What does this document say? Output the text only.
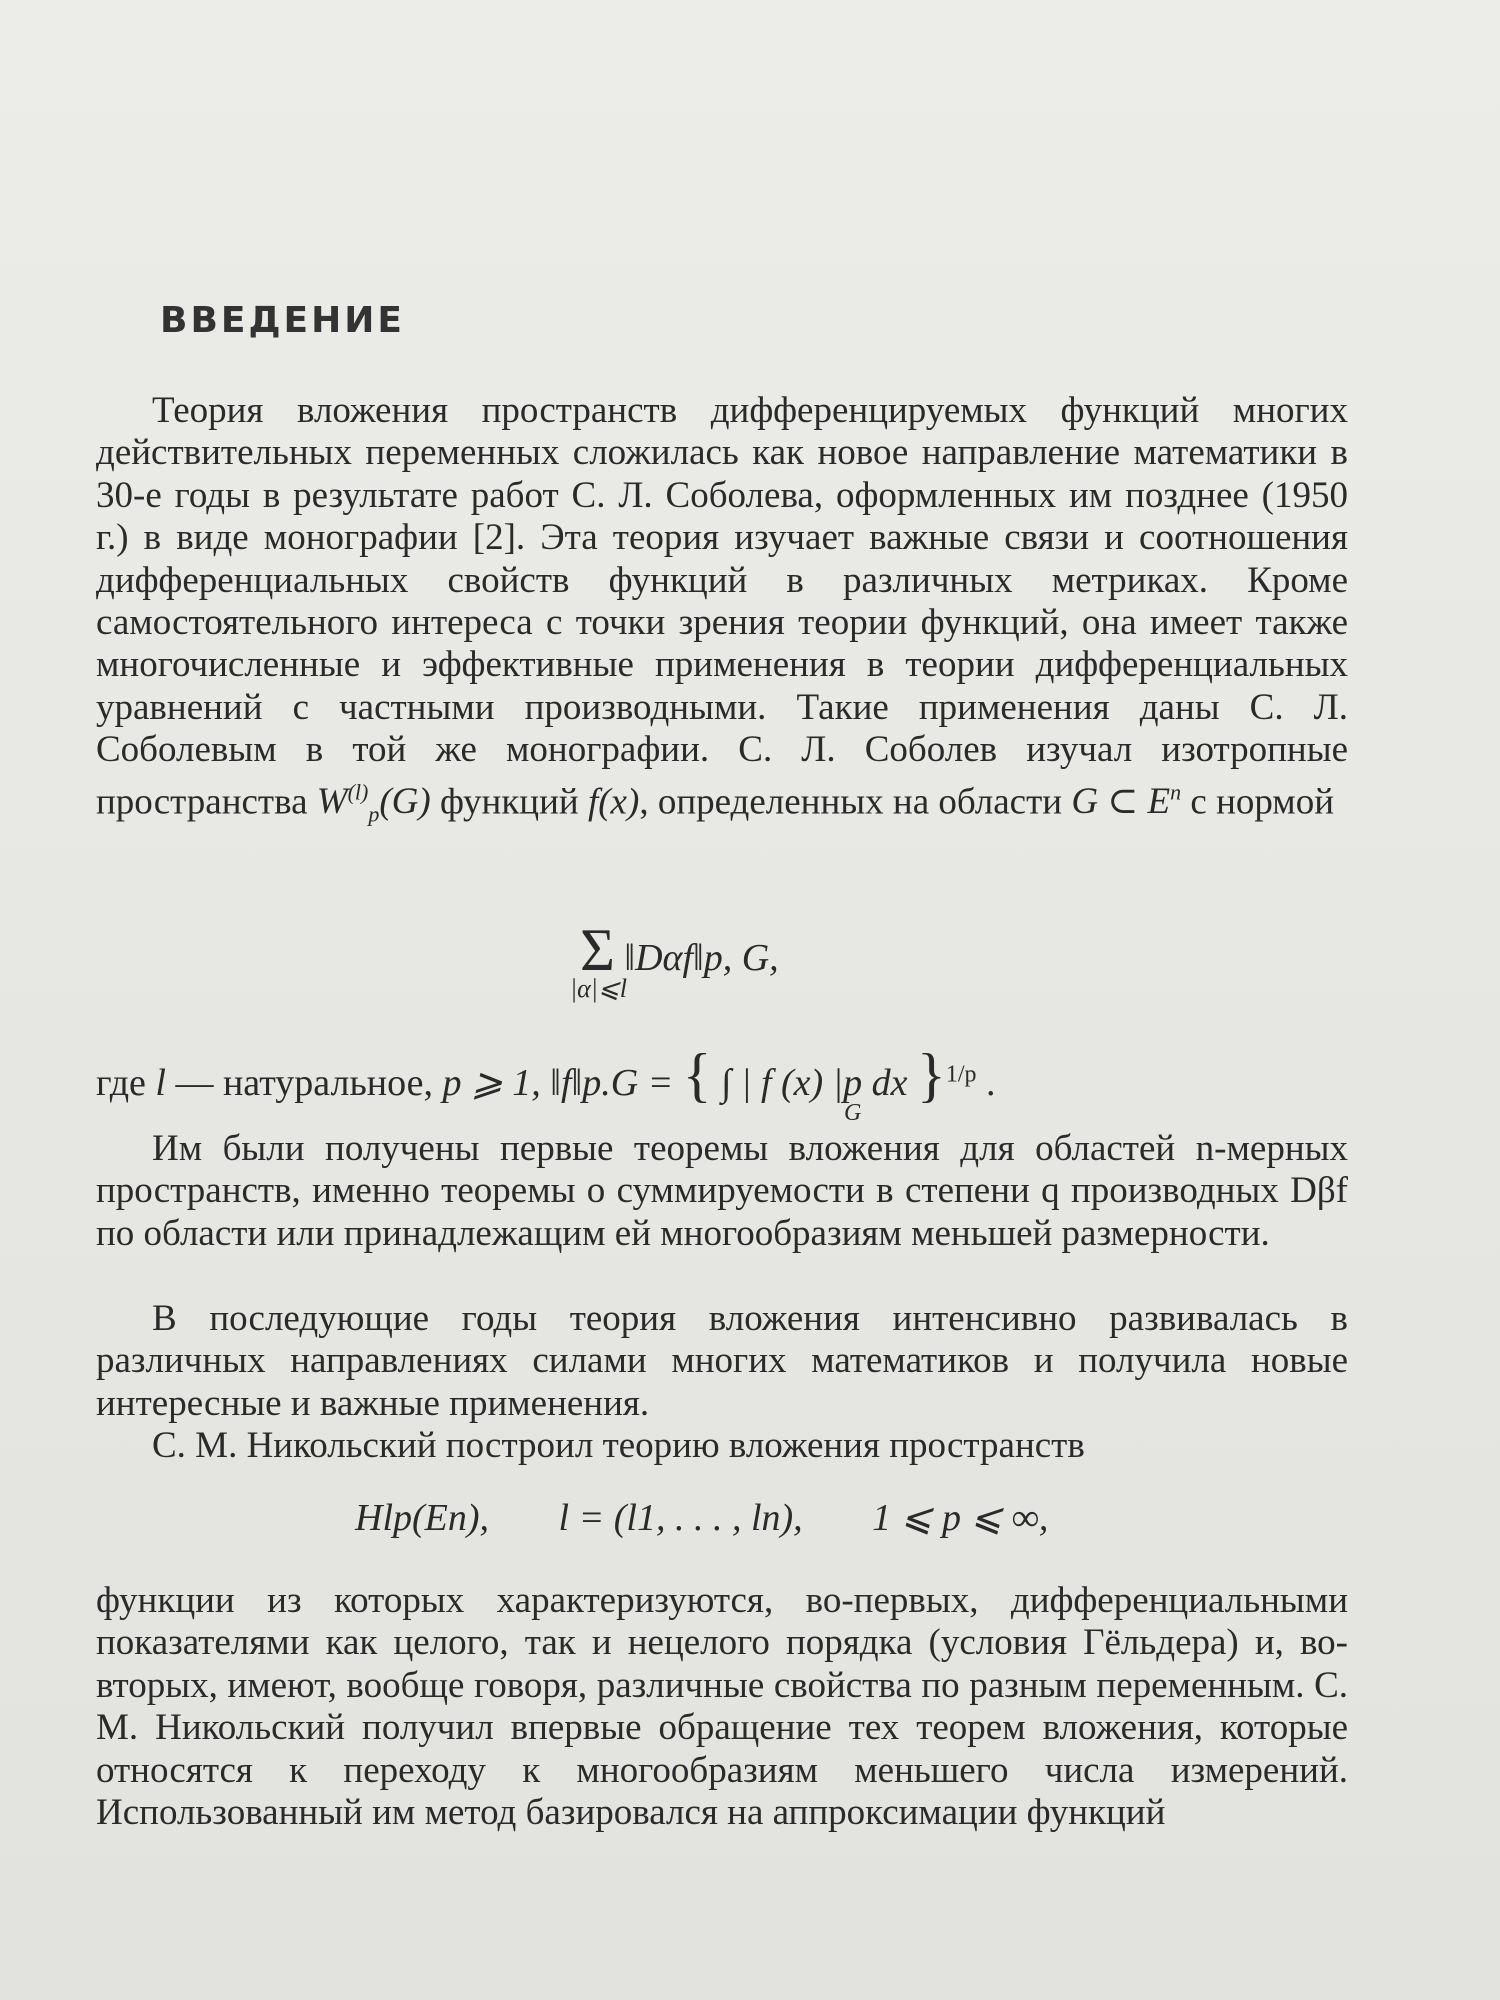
ВВЕДЕНИЕ

Теория вложения пространств дифференцируемых функций многих действительных переменных сложилась как новое направление математики в 30-е годы в результате работ С. Л. Соболева, оформленных им позднее (1950 г.) в виде монографии [2]. Эта теория изучает важные связи и соотношения дифференциальных свойств функций в различных метриках. Кроме самостоятельного интереса с точки зрения теории функций, она имеет также многочисленные и эффективные применения в теории дифференциальных уравнений с частными производными. Такие применения даны С. Л. Соболевым в той же монографии. С. Л. Соболев изучал изотропные пространства $W^{(l)}_p(G)$ функций f(x), определенных на области G ⊂ $E^n$ с нормой

Σ ‖Dαf‖p, G,
|α|⩽l
где l — натуральное, p ⩾ 1, ‖f‖p.G = { ∫ | f (x) |p dx }$^{1/p}$ .
G

Им были получены первые теоремы вложения для областей n-мерных пространств, именно теоремы о суммируемости в степени q производных Dβf по области или принадлежащим ей многообразиям меньшей размерности.

В последующие годы теория вложения интенсивно развивалась в различных направлениях силами многих математиков и получила новые интересные и важные применения.

С. М. Никольский построил теорию вложения пространств

Hlp(En), l = (l1, . . . , ln), 1 ⩽ p ⩽ ∞,

функции из которых характеризуются, во-первых, дифференциальными показателями как целого, так и нецелого порядка (условия Гёльдера) и, во-вторых, имеют, вообще говоря, различные свойства по разным переменным. С. М. Никольский получил впервые обращение тех теорем вложения, которые относятся к переходу к многообразиям меньшего числа измерений. Использованный им метод базировался на аппроксимации функций
